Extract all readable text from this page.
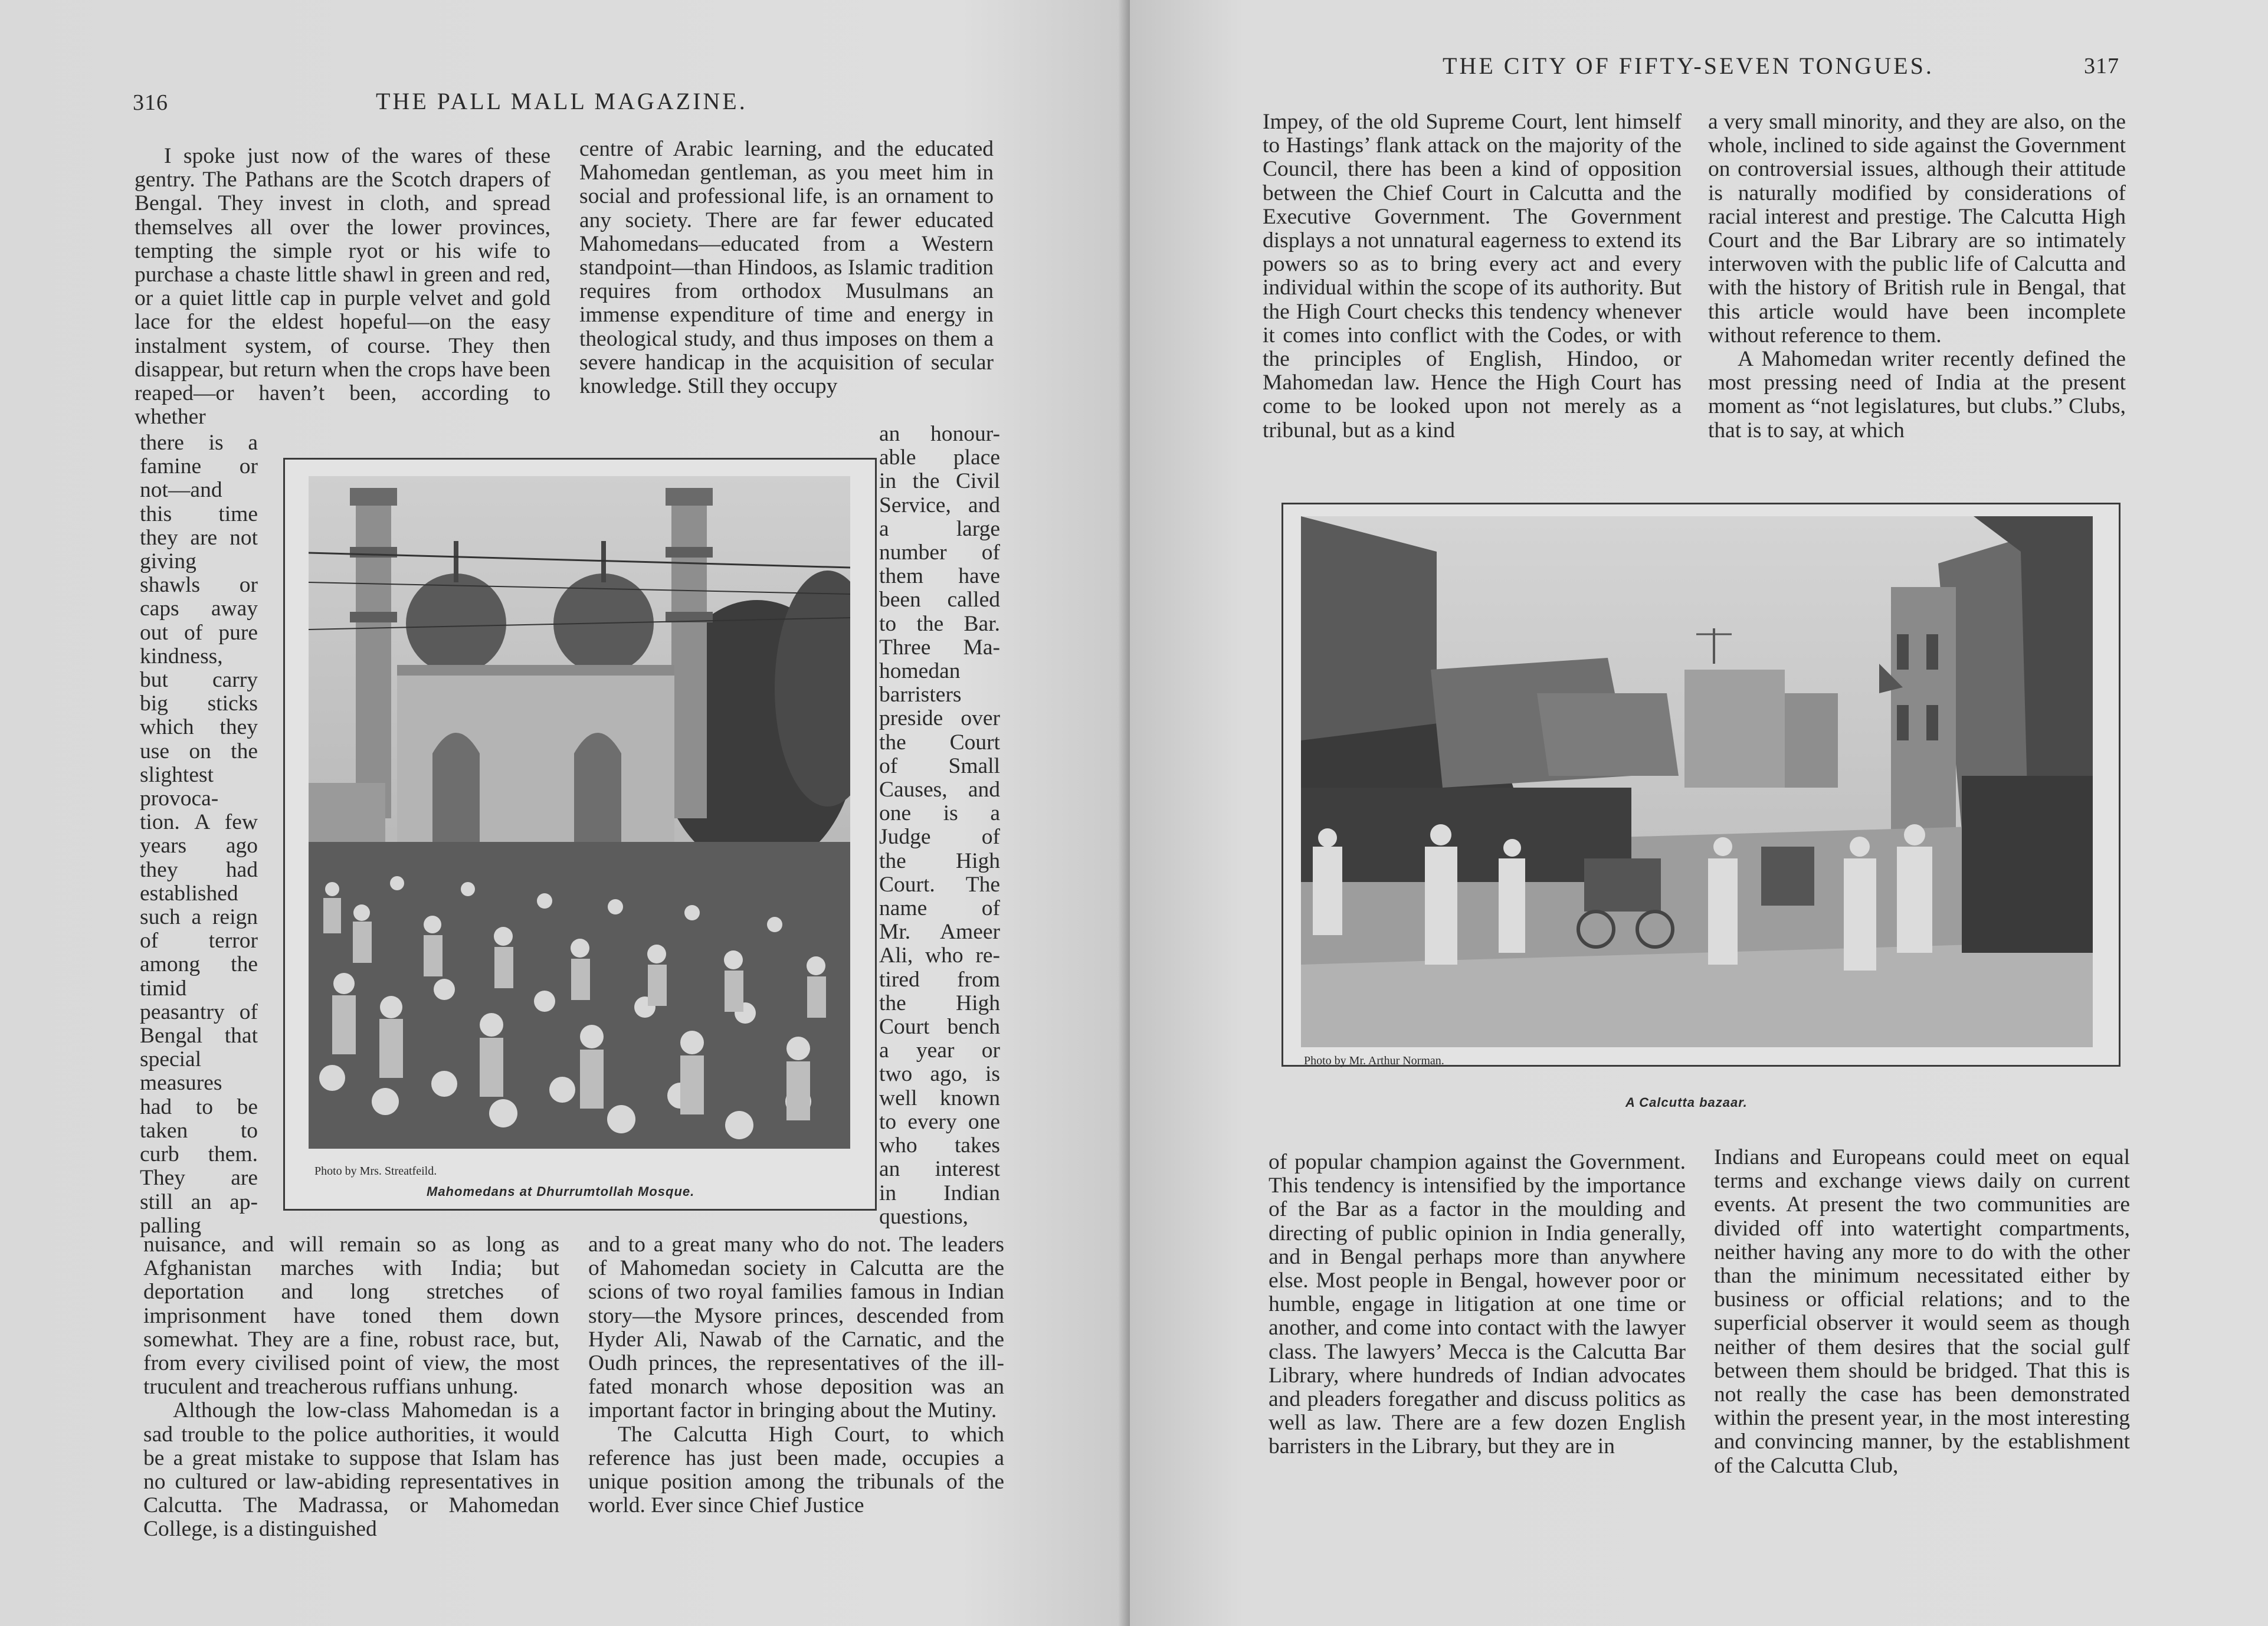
316	THE PALL MALL MAGAZINE.

I spoke just now of the wares of these gentry. The Pathans are the Scotch drapers of Bengal. They invest in cloth, and spread themselves all over the lower provinces, tempting the simple ryot or his wife to purchase a chaste little shawl in green and red, or a quiet little cap in purple velvet and gold lace for the eldest hopeful—on the easy instalment system, of course. They then disappear, but return when the crops have been reaped—or haven’t been, according to whether

there is a

famine or

not—and

this time

they are not

giving

shawls or

caps away

out of pure

kindness,

but carry

big sticks

which they

use on the

slightest

provoca-

tion. A few

years ago

they had

established

such a reign

of terror

among the

timid

peasantry of

Bengal that

special

measures

had to be

taken to

curb them.

They are

still an ap-

palling

centre of Arabic learning, and the educated Mahomedan gentleman, as you meet him in social and professional life, is an ornament to any society. There are far fewer educated Mahomedans—educated from a Western standpoint—than Hindoos, as Islamic tradition requires from orthodox Musulmans an immense expenditure of time and energy in theological study, and thus imposes on them a severe handicap in the acquisition of secular knowledge. Still they occupy

an honour-

able place

in the Civil

Service, and

a large

number of

them have

been called

to the Bar.

Three Ma-

homedan

barristers

preside over

the Court

of Small

Causes, and

one is a

Judge of

the High

Court. The

name of

Mr. Ameer

Ali, who re-

tired from

the High

Court bench

a year or

two ago, is

well known

to every one

who takes

an interest

in Indian

questions,

Photo by Mrs. Streatfeild.
Mahomedans at Dhurrumtollah Mosque.

nuisance, and will remain so as long as Afghanistan marches with India; but deportation and long stretches of imprisonment have toned them down somewhat. They are a fine, robust race, but, from every civilised point of view, the most truculent and treacherous ruffians unhung.

Although the low-class Mahomedan is a sad trouble to the police authorities, it would be a great mistake to suppose that Islam has no cultured or law-abiding representatives in Calcutta. The Madrassa, or Mahomedan College, is a distinguished

and to a great many who do not. The leaders of Mahomedan society in Calcutta are the scions of two royal families famous in Indian story—the Mysore princes, descended from Hyder Ali, Nawab of the Carnatic, and the Oudh princes, the representatives of the ill-fated monarch whose deposition was an important factor in bringing about the Mutiny.

The Calcutta High Court, to which reference has just been made, occupies a unique position among the tribunals of the world. Ever since Chief Justice

THE CITY OF FIFTY-SEVEN TONGUES.	317

Impey, of the old Supreme Court, lent himself to Hastings’ flank attack on the majority of the Council, there has been a kind of opposition between the Chief Court in Calcutta and the Executive Government. The Government displays a not unnatural eagerness to extend its powers so as to bring every act and every individual within the scope of its authority. But the High Court checks this tendency whenever it comes into conflict with the Codes, or with the principles of English, Hindoo, or Mahomedan law. Hence the High Court has come to be looked upon not merely as a tribunal, but as a kind

a very small minority, and they are also, on the whole, inclined to side against the Government on controversial issues, although their attitude is naturally modified by considerations of racial interest and prestige. The Calcutta High Court and the Bar Library are so intimately interwoven with the public life of Calcutta and with the history of British rule in Bengal, that this article would have been incomplete without reference to them.

A Mahomedan writer recently defined the most pressing need of India at the present moment as “not legislatures, but clubs.” Clubs, that is to say, at which

Photo by Mr. Arthur Norman.
A Calcutta bazaar.

of popular champion against the Government. This tendency is intensified by the importance of the Bar as a factor in the moulding and directing of public opinion in India generally, and in Bengal perhaps more than anywhere else. Most people in Bengal, however poor or humble, engage in litigation at one time or another, and come into contact with the lawyer class. The lawyers’ Mecca is the Calcutta Bar Library, where hundreds of Indian advocates and pleaders foregather and discuss politics as well as law. There are a few dozen English barristers in the Library, but they are in

Indians and Europeans could meet on equal terms and exchange views daily on current events. At present the two communities are divided off into watertight compartments, neither having any more to do with the other than the minimum necessitated either by business or official relations; and to the superficial observer it would seem as though neither of them desires that the social gulf between them should be bridged. That this is not really the case has been demonstrated within the present year, in the most interesting and convincing manner, by the establishment of the Calcutta Club,
